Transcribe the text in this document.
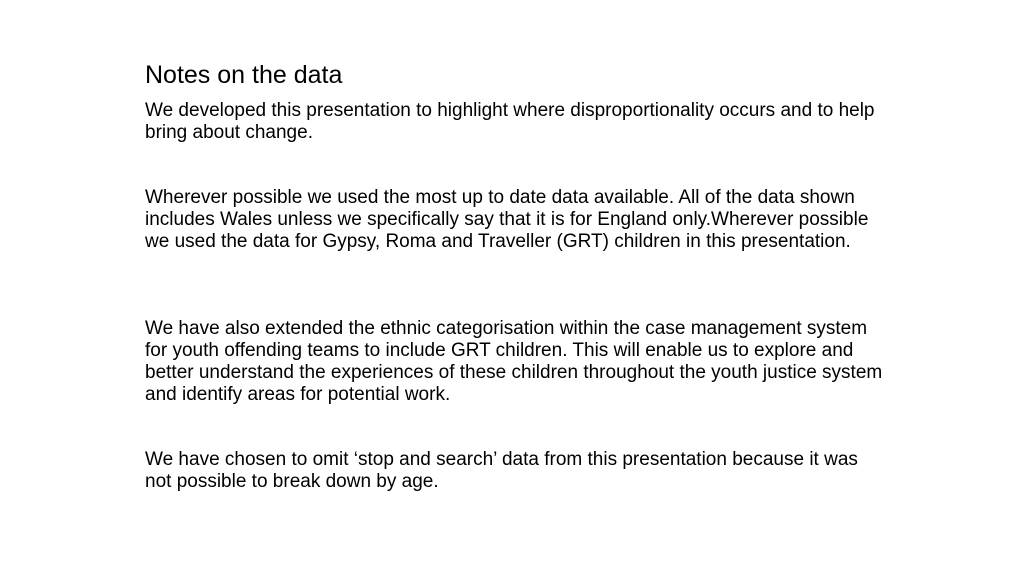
Notes on the data

We developed this presentation to highlight where disproportionality occurs and to help bring about change.

Wherever possible we used the most up to date data available. All of the data shown includes Wales unless we specifically say that it is for England only.Wherever possible we used the data for Gypsy, Roma and Traveller (GRT) children in this presentation.

We have also extended the ethnic categorisation within the case management system for youth offending teams to include GRT children. This will enable us to explore and better understand the experiences of these children throughout the youth justice system and identify areas for potential work.

We have chosen to omit ‘stop and search’ data from this presentation because it was not possible to break down by age.
